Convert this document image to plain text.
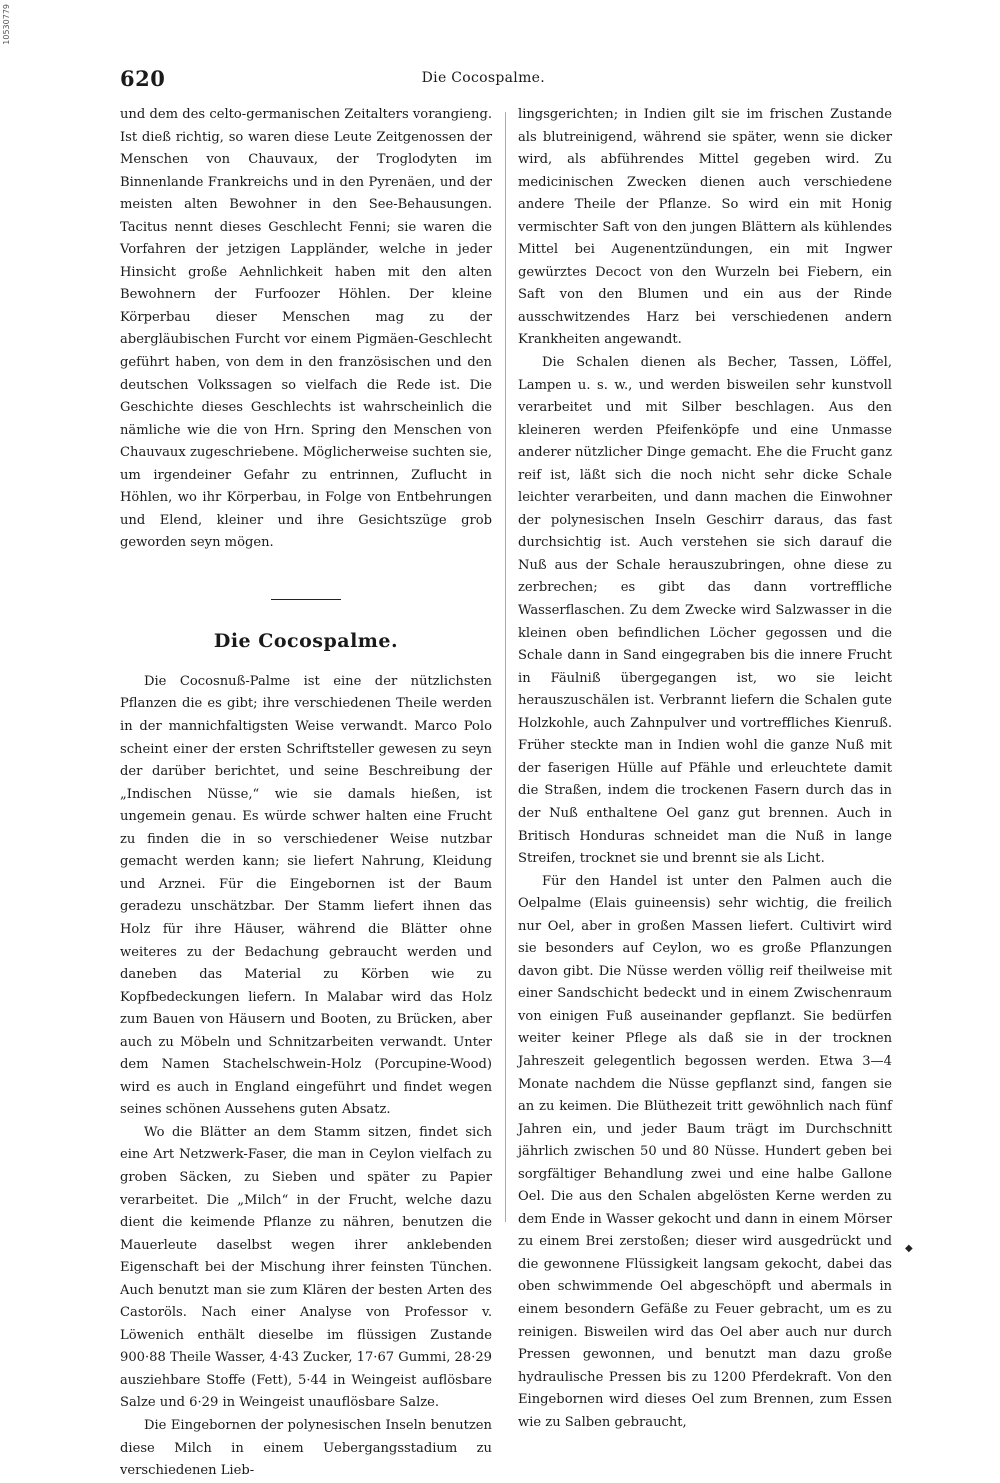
10530779
620	Die Cocospalme.

und dem des celto-germanischen Zeitalters vorangieng. Ist dieß richtig, so waren diese Leute Zeitgenossen der Menschen von Chauvaux, der Troglodyten im Binnenlande Frankreichs und in den Pyrenäen, und der meisten alten Bewohner in den See-Behausungen. Tacitus nennt dieses Geschlecht Fenni; sie waren die Vorfahren der jetzigen Lappländer, welche in jeder Hinsicht große Aehnlichkeit haben mit den alten Bewohnern der Furfoozer Höhlen. Der kleine Körperbau dieser Menschen mag zu der abergläubischen Furcht vor einem Pigmäen-Geschlecht geführt haben, von dem in den französischen und den deutschen Volkssagen so vielfach die Rede ist. Die Geschichte dieses Geschlechts ist wahrscheinlich die nämliche wie die von Hrn. Spring den Menschen von Chauvaux zugeschriebene. Möglicherweise suchten sie, um irgendeiner Gefahr zu entrinnen, Zuflucht in Höhlen, wo ihr Körperbau, in Folge von Entbehrungen und Elend, kleiner und ihre Gesichtszüge grob geworden seyn mögen.

Die Cocospalme.

Die Cocosnuß-Palme ist eine der nützlichsten Pflanzen die es gibt; ihre verschiedenen Theile werden in der mannichfaltigsten Weise verwandt. Marco Polo scheint einer der ersten Schriftsteller gewesen zu seyn der darüber berichtet, und seine Beschreibung der „Indischen Nüsse,“ wie sie damals hießen, ist ungemein genau. Es würde schwer halten eine Frucht zu finden die in so verschiedener Weise nutzbar gemacht werden kann; sie liefert Nahrung, Kleidung und Arznei. Für die Eingebornen ist der Baum geradezu unschätzbar. Der Stamm liefert ihnen das Holz für ihre Häuser, während die Blätter ohne weiteres zu der Bedachung gebraucht werden und daneben das Material zu Körben wie zu Kopfbedeckungen liefern. In Malabar wird das Holz zum Bauen von Häusern und Booten, zu Brücken, aber auch zu Möbeln und Schnitzarbeiten verwandt. Unter dem Namen Stachelschwein-Holz (Porcupine-Wood) wird es auch in England eingeführt und findet wegen seines schönen Aussehens guten Absatz.

Wo die Blätter an dem Stamm sitzen, findet sich eine Art Netzwerk-Faser, die man in Ceylon vielfach zu groben Säcken, zu Sieben und später zu Papier verarbeitet. Die „Milch“ in der Frucht, welche dazu dient die keimende Pflanze zu nähren, benutzen die Mauerleute daselbst wegen ihrer anklebenden Eigenschaft bei der Mischung ihrer feinsten Tünchen. Auch benutzt man sie zum Klären der besten Arten des Castoröls. Nach einer Analyse von Professor v. Löwenich enthält dieselbe im flüssigen Zustande 900·88 Theile Wasser, 4·43 Zucker, 17·67 Gummi, 28·29 ausziehbare Stoffe (Fett), 5·44 in Weingeist auflösbare Salze und 6·29 in Weingeist unauflösbare Salze.

Die Eingebornen der polynesischen Inseln benutzen diese Milch in einem Uebergangsstadium zu verschiedenen Lieb-

lingsgerichten; in Indien gilt sie im frischen Zustande als blutreinigend, während sie später, wenn sie dicker wird, als abführendes Mittel gegeben wird. Zu medicinischen Zwecken dienen auch verschiedene andere Theile der Pflanze. So wird ein mit Honig vermischter Saft von den jungen Blättern als kühlendes Mittel bei Augenentzündungen, ein mit Ingwer gewürztes Decoct von den Wurzeln bei Fiebern, ein Saft von den Blumen und ein aus der Rinde ausschwitzendes Harz bei verschiedenen andern Krankheiten angewandt.

Die Schalen dienen als Becher, Tassen, Löffel, Lampen u. s. w., und werden bisweilen sehr kunstvoll verarbeitet und mit Silber beschlagen. Aus den kleineren werden Pfeifenköpfe und eine Unmasse anderer nützlicher Dinge gemacht. Ehe die Frucht ganz reif ist, läßt sich die noch nicht sehr dicke Schale leichter verarbeiten, und dann machen die Einwohner der polynesischen Inseln Geschirr daraus, das fast durchsichtig ist. Auch verstehen sie sich darauf die Nuß aus der Schale herauszubringen, ohne diese zu zerbrechen; es gibt das dann vortreffliche Wasserflaschen. Zu dem Zwecke wird Salzwasser in die kleinen oben befindlichen Löcher gegossen und die Schale dann in Sand eingegraben bis die innere Frucht in Fäulniß übergegangen ist, wo sie leicht herauszuschälen ist. Verbrannt liefern die Schalen gute Holzkohle, auch Zahnpulver und vortreffliches Kienruß. Früher steckte man in Indien wohl die ganze Nuß mit der faserigen Hülle auf Pfähle und erleuchtete damit die Straßen, indem die trockenen Fasern durch das in der Nuß enthaltene Oel ganz gut brennen. Auch in Britisch Honduras schneidet man die Nuß in lange Streifen, trocknet sie und brennt sie als Licht.

Für den Handel ist unter den Palmen auch die Oelpalme (Elais guineensis) sehr wichtig, die freilich nur Oel, aber in großen Massen liefert. Cultivirt wird sie besonders auf Ceylon, wo es große Pflanzungen davon gibt. Die Nüsse werden völlig reif theilweise mit einer Sandschicht bedeckt und in einem Zwischenraum von einigen Fuß auseinander gepflanzt. Sie bedürfen weiter keiner Pflege als daß sie in der trocknen Jahreszeit gelegentlich begossen werden. Etwa 3—4 Monate nachdem die Nüsse gepflanzt sind, fangen sie an zu keimen. Die Blüthezeit tritt gewöhnlich nach fünf Jahren ein, und jeder Baum trägt im Durchschnitt jährlich zwischen 50 und 80 Nüsse. Hundert geben bei sorgfältiger Behandlung zwei und eine halbe Gallone Oel. Die aus den Schalen abgelösten Kerne werden zu dem Ende in Wasser gekocht und dann in einem Mörser zu einem Brei zerstoßen; dieser wird ausgedrückt und die gewonnene Flüssigkeit langsam gekocht, dabei das oben schwimmende Oel abgeschöpft und abermals in einem besondern Gefäße zu Feuer gebracht, um es zu reinigen. Bisweilen wird das Oel aber auch nur durch Pressen gewonnen, und benutzt man dazu große hydraulische Pressen bis zu 1200 Pferdekraft. Von den Eingebornen wird dieses Oel zum Brennen, zum Essen wie zu Salben gebraucht,

◆
